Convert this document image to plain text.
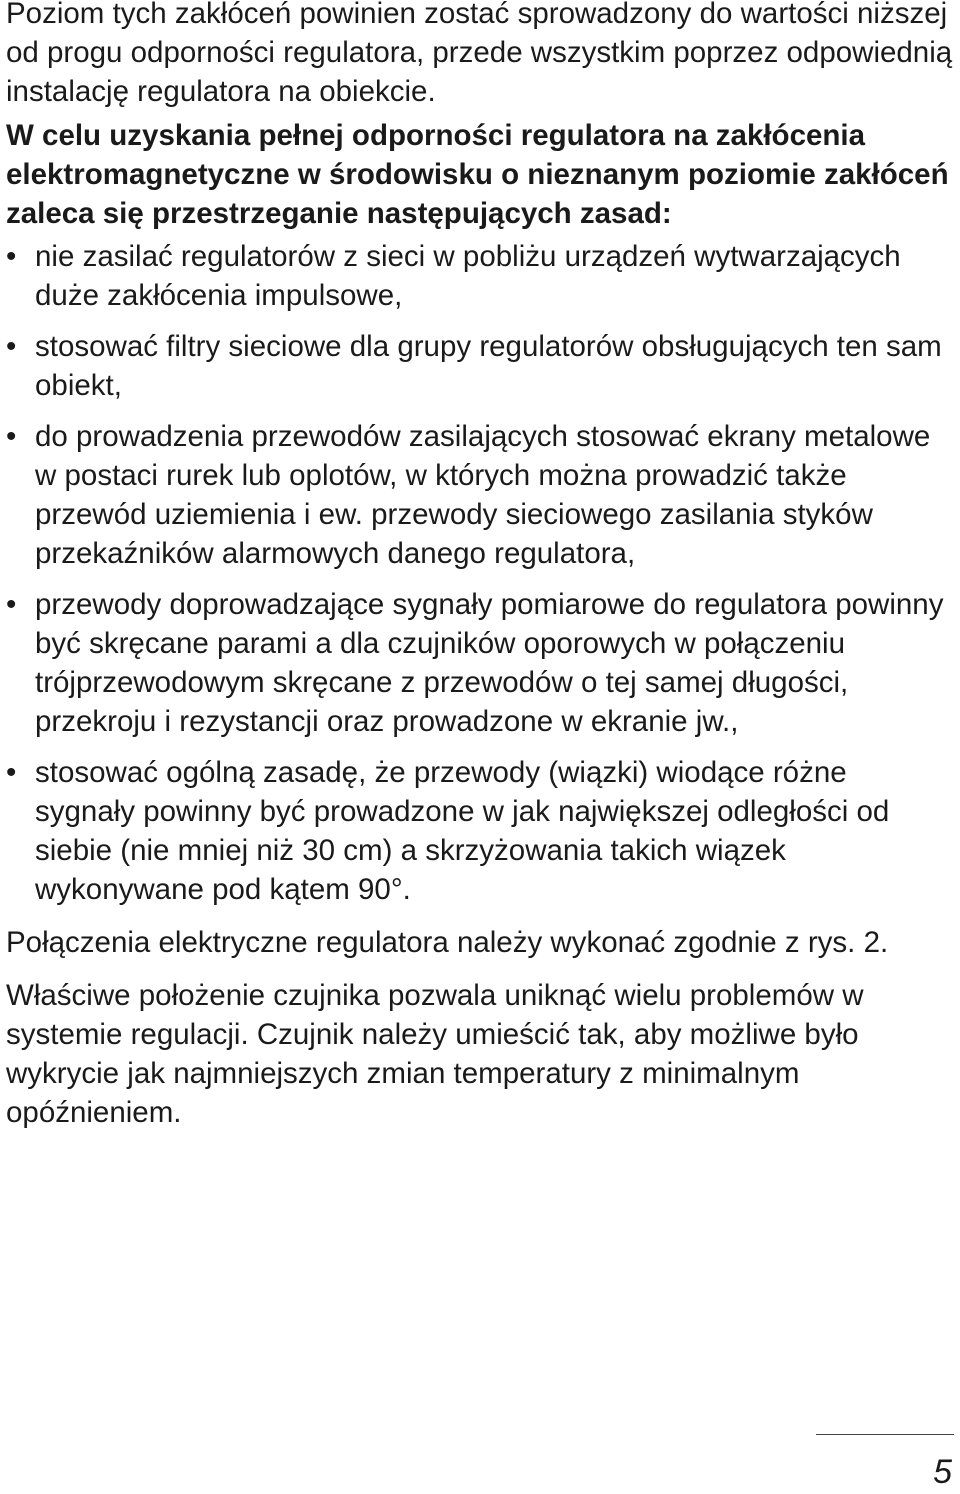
Poziom tych zakłóceń powinien zostać sprowadzony do wartości niższej od progu odporności regulatora, przede wszystkim poprzez odpowiednią instalację regulatora na obiekcie.

W celu uzyskania pełnej odporności regulatora na zakłócenia elektromagnetyczne w środowisku o nieznanym poziomie zakłóceń zaleca się przestrzeganie następujących zasad:

• nie zasilać regulatorów z sieci w pobliżu urządzeń wytwarzających duże zakłócenia impulsowe,
• stosować filtry sieciowe dla grupy regulatorów obsługujących ten sam obiekt,
• do prowadzenia przewodów zasilających stosować ekrany metalowe w postaci rurek lub oplotów, w których można prowadzić także przewód uziemienia i ew. przewody sieciowego zasilania styków przekaźników alarmowych danego regulatora,
• przewody doprowadzające sygnały pomiarowe do regulatora powinny być skręcane parami a dla czujników oporowych w połączeniu trójprzewodowym skręcane z przewodów o tej samej długości, przekroju i rezystancji oraz prowadzone w ekranie jw.,
• stosować ogólną zasadę, że przewody (wiązki) wiodące różne sygnały powinny być prowadzone w jak największej odległości od siebie (nie mniej niż 30 cm) a skrzyżowania takich wiązek wykonywane pod kątem 90°.

Połączenia elektryczne regulatora należy wykonać zgodnie z rys. 2.

Właściwe położenie czujnika pozwala uniknąć wielu problemów w systemie regulacji. Czujnik należy umieścić tak, aby możliwe było wykrycie jak najmniejszych zmian temperatury z minimalnym opóźnieniem.

5
